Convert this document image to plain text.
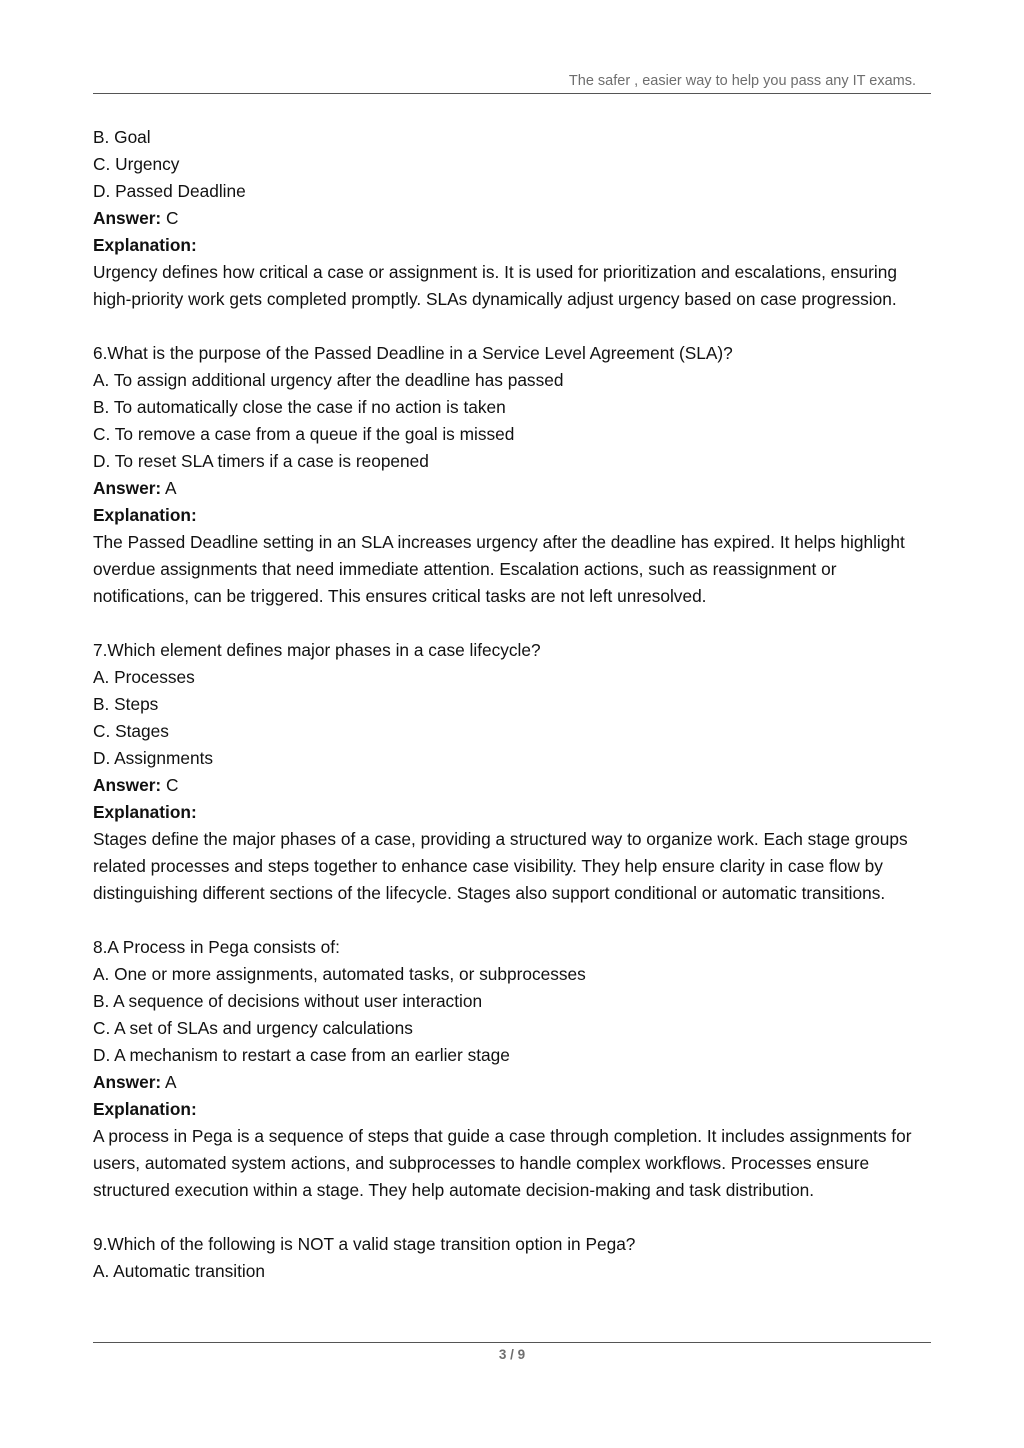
The safer , easier way to help you pass any IT exams.

B. Goal

C. Urgency

D. Passed Deadline

Answer: C

Explanation:

Urgency defines how critical a case or assignment is. It is used for prioritization and escalations, ensuring high-priority work gets completed promptly. SLAs dynamically adjust urgency based on case progression.

6.What is the purpose of the Passed Deadline in a Service Level Agreement (SLA)?

A. To assign additional urgency after the deadline has passed

B. To automatically close the case if no action is taken

C. To remove a case from a queue if the goal is missed

D. To reset SLA timers if a case is reopened

Answer: A

Explanation:

The Passed Deadline setting in an SLA increases urgency after the deadline has expired. It helps highlight overdue assignments that need immediate attention. Escalation actions, such as reassignment or notifications, can be triggered. This ensures critical tasks are not left unresolved.

7.Which element defines major phases in a case lifecycle?

A. Processes

B. Steps

C. Stages

D. Assignments

Answer: C

Explanation:

Stages define the major phases of a case, providing a structured way to organize work. Each stage groups related processes and steps together to enhance case visibility. They help ensure clarity in case flow by distinguishing different sections of the lifecycle. Stages also support conditional or automatic transitions.

8.A Process in Pega consists of:

A. One or more assignments, automated tasks, or subprocesses

B. A sequence of decisions without user interaction

C. A set of SLAs and urgency calculations

D. A mechanism to restart a case from an earlier stage

Answer: A

Explanation:

A process in Pega is a sequence of steps that guide a case through completion. It includes assignments for users, automated system actions, and subprocesses to handle complex workflows. Processes ensure structured execution within a stage. They help automate decision-making and task distribution.

9.Which of the following is NOT a valid stage transition option in Pega?

A. Automatic transition

3 / 9
